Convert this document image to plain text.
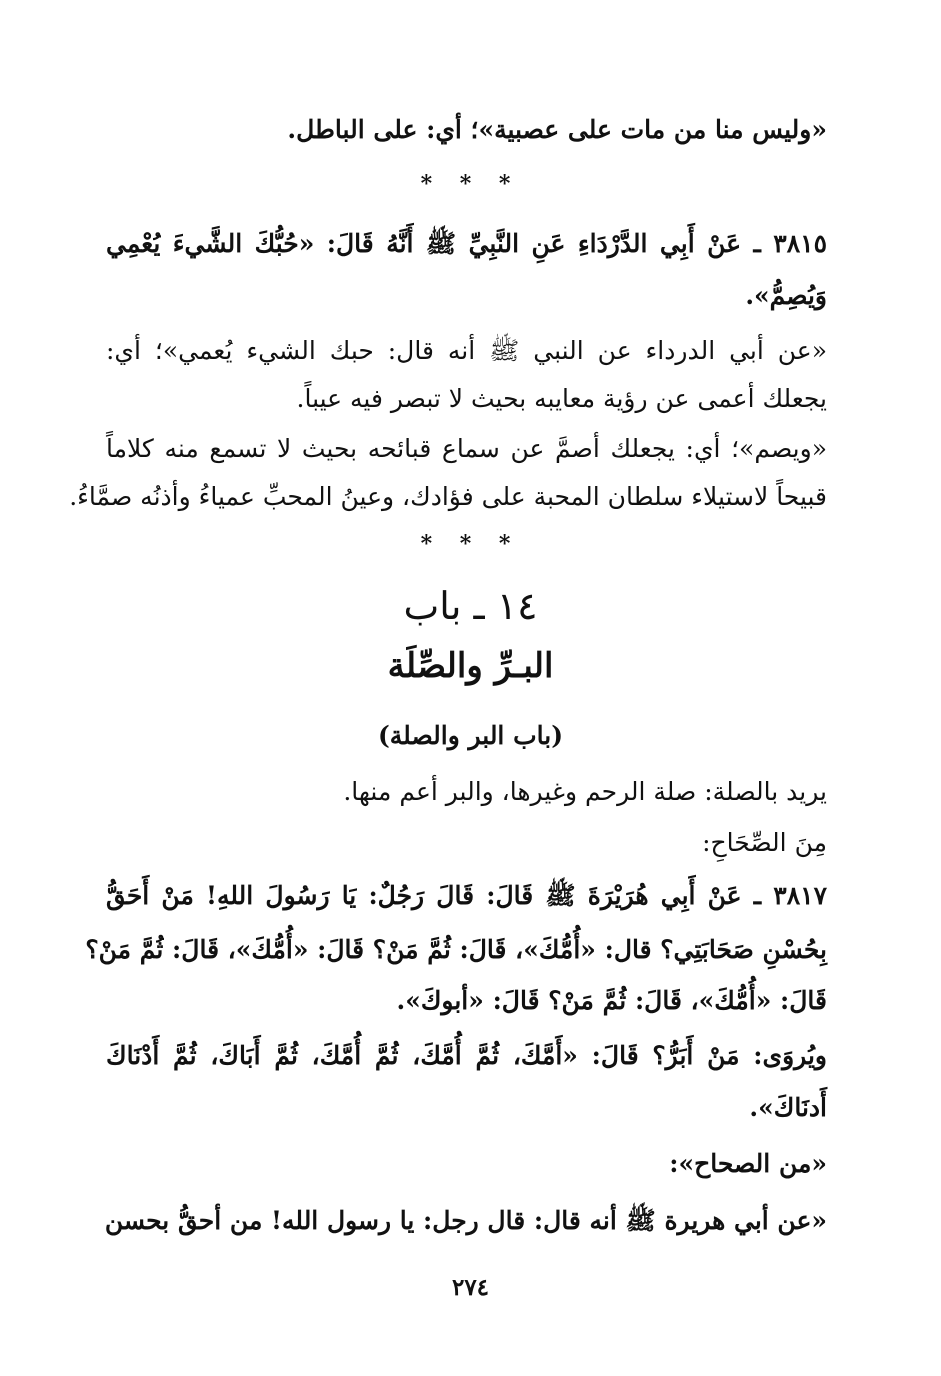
«وليس منا من مات على عصبية»؛ أي: على الباطل.
* * *
٣٨١٥ ـ عَنْ أَبِي الدَّرْدَاءِ عَنِ النَّبِيِّ ﷺ أَنَّهُ قَالَ: «حُبُّكَ الشَّيءَ يُعْمِي
وَيُصِمُّ».
«عن أبي الدرداء عن النبي ﷺ أنه قال: حبك الشيء يُعمي»؛ أي:
يجعلك أعمى عن رؤية معايبه بحيث لا تبصر فيه عيباً.
«ويصم»؛ أي: يجعلك أصمَّ عن سماع قبائحه بحيث لا تسمع منه كلاماً
قبيحاً لاستيلاء سلطان المحبة على فؤادك، وعينُ المحبِّ عمياءُ وأذنُه صمَّاءُ.
* * *
١٤ ـ باب
البـرِّ والصِّلَة
(باب البر والصلة)
يريد بالصلة: صلة الرحم وغيرها، والبر أعم منها.
مِنَ الصِّحَاحِ:
٣٨١٧ ـ عَنْ أَبِي هُرَيْرَةَ ﷺ قَالَ: قَالَ رَجُلٌ: يَا رَسُولَ اللهِ! مَنْ أَحَقُّ
بِحُسْنِ صَحَابَتِي؟ قال: «أُمُّكَ»، قَالَ: ثُمَّ مَنْ؟ قَالَ: «أُمُّكَ»، قَالَ: ثُمَّ مَنْ؟
قَالَ: «أُمُّكَ»، قَالَ: ثُمَّ مَنْ؟ قَالَ: «أبوكَ».
ويُروَى: مَنْ أَبَرُّ؟ قَالَ: «أَمَّكَ، ثُمَّ أُمَّكَ، ثُمَّ أُمَّكَ، ثُمَّ أَبَاكَ، ثُمَّ أَدْنَاكَ
أَدنَاكَ».
«من الصحاح»:
«عن أبي هريرة ﷺ أنه قال: قال رجل: يا رسول الله! من أحقُّ بحسن
٢٧٤
